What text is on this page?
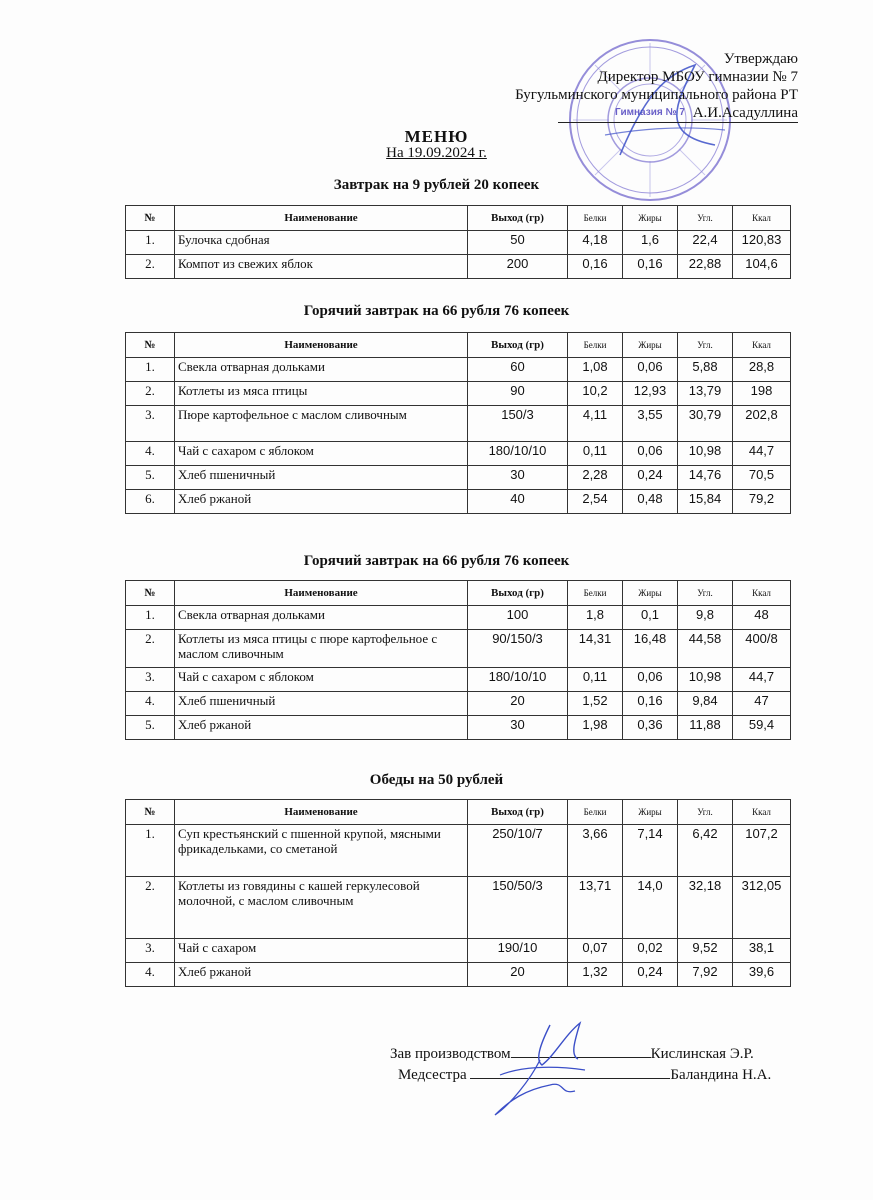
Гимназия № 7
Утверждаю
Директор МБОУ гимназии № 7
Бугульминского муниципального района РТ
А.И.Асадуллина
МЕНЮ
На 19.09.2024 г.
Завтрак на 9 рублей 20 копеек
№	Наименование	Выход (гр)	Белки	Жиры	Угл.	Ккал
1.	Булочка сдобная	50	4,18	1,6	22,4	120,83
2.	Компот из свежих яблок	200	0,16	0,16	22,88	104,6
Горячий завтрак на 66 рубля 76 копеек
№	Наименование	Выход (гр)	Белки	Жиры	Угл.	Ккал
1.	Свекла отварная дольками	60	1,08	0,06	5,88	28,8
2.	Котлеты из мяса птицы	90	10,2	12,93	13,79	198
3.	Пюре картофельное с маслом сливочным	150/3	4,11	3,55	30,79	202,8
4.	Чай с сахаром с яблоком	180/10/10	0,11	0,06	10,98	44,7
5.	Хлеб пшеничный	30	2,28	0,24	14,76	70,5
6.	Хлеб ржаной	40	2,54	0,48	15,84	79,2
Горячий завтрак на 66 рубля 76 копеек
№	Наименование	Выход (гр)	Белки	Жиры	Угл.	Ккал
1.	Свекла отварная дольками	100	1,8	0,1	9,8	48
2.	Котлеты из мяса птицы с пюре картофельное с маслом сливочным	90/150/3	14,31	16,48	44,58	400/8
3.	Чай с сахаром с яблоком	180/10/10	0,11	0,06	10,98	44,7
4.	Хлеб пшеничный	20	1,52	0,16	9,84	47
5.	Хлеб ржаной	30	1,98	0,36	11,88	59,4
Обеды на 50 рублей
№	Наименование	Выход (гр)	Белки	Жиры	Угл.	Ккал
1.	Суп крестьянский с пшенной крупой, мясными фрикадельками, со сметаной	250/10/7	3,66	7,14	6,42	107,2
2.	Котлеты из говядины с кашей геркулесовой молочной, с маслом сливочным	150/50/3	13,71	14,0	32,18	312,05
3.	Чай с сахаром	190/10	0,07	0,02	9,52	38,1
4.	Хлеб ржаной	20	1,32	0,24	7,92	39,6
Зав производством	Кислинская Э.Р.
Медсестра	Баландина Н.А.
